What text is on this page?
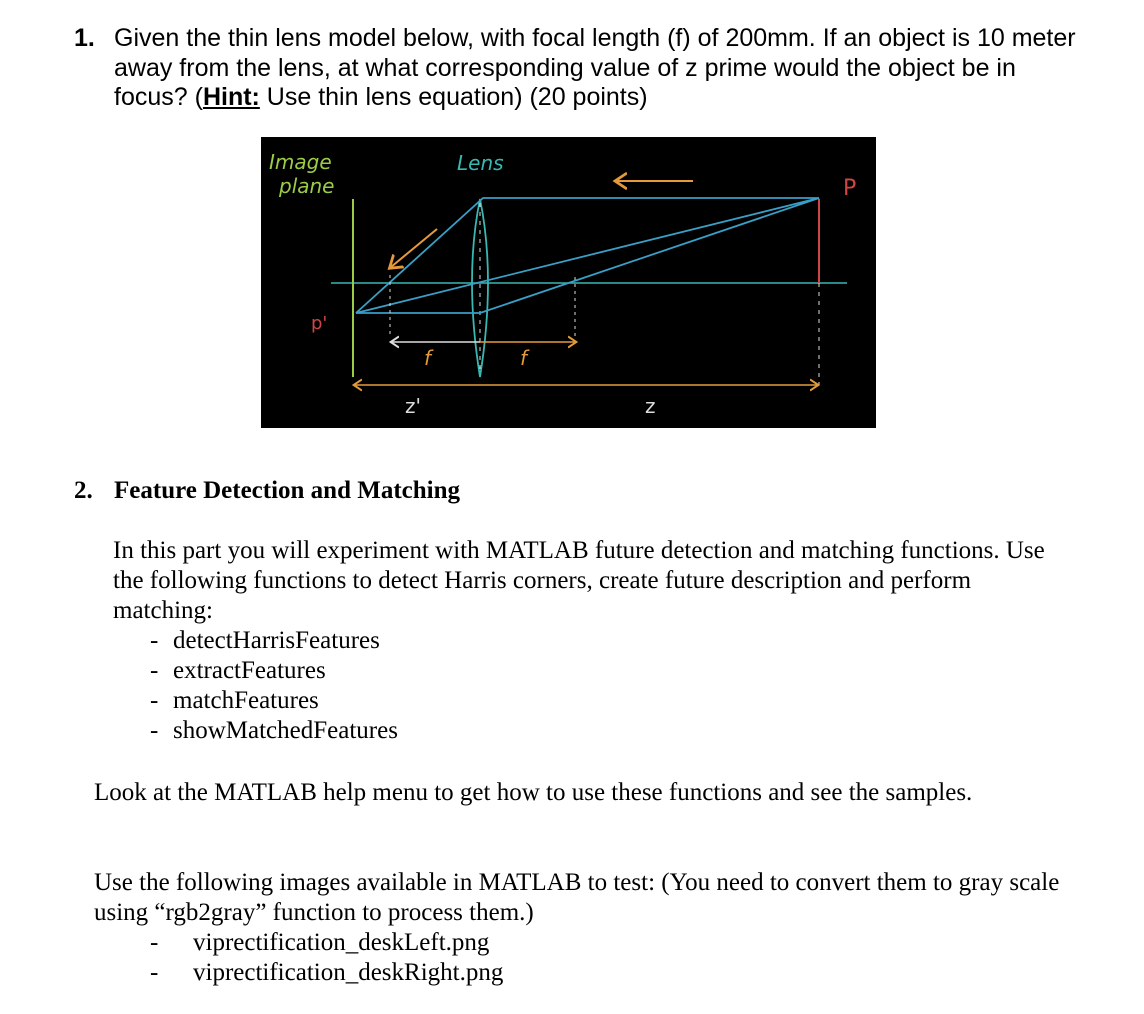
1. Given the thin lens model below, with focal length (f) of 200mm. If an object is 10 meter away from the lens, at what corresponding value of z prime would the object be in focus? (Hint: Use thin lens equation) (20 points)
Image
plane
Lens
P
p'
f	f
z'	z
2. Feature Detection and Matching
In this part you will experiment with MATLAB future detection and matching functions. Use the following functions to detect Harris corners, create future description and perform matching:
- detectHarrisFeatures
- extractFeatures
- matchFeatures
- showMatchedFeatures
Look at the MATLAB help menu to get how to use these functions and see the samples.
Use the following images available in MATLAB to test: (You need to convert them to gray scale using “rgb2gray” function to process them.)
- viprectification_deskLeft.png
- viprectification_deskRight.png
